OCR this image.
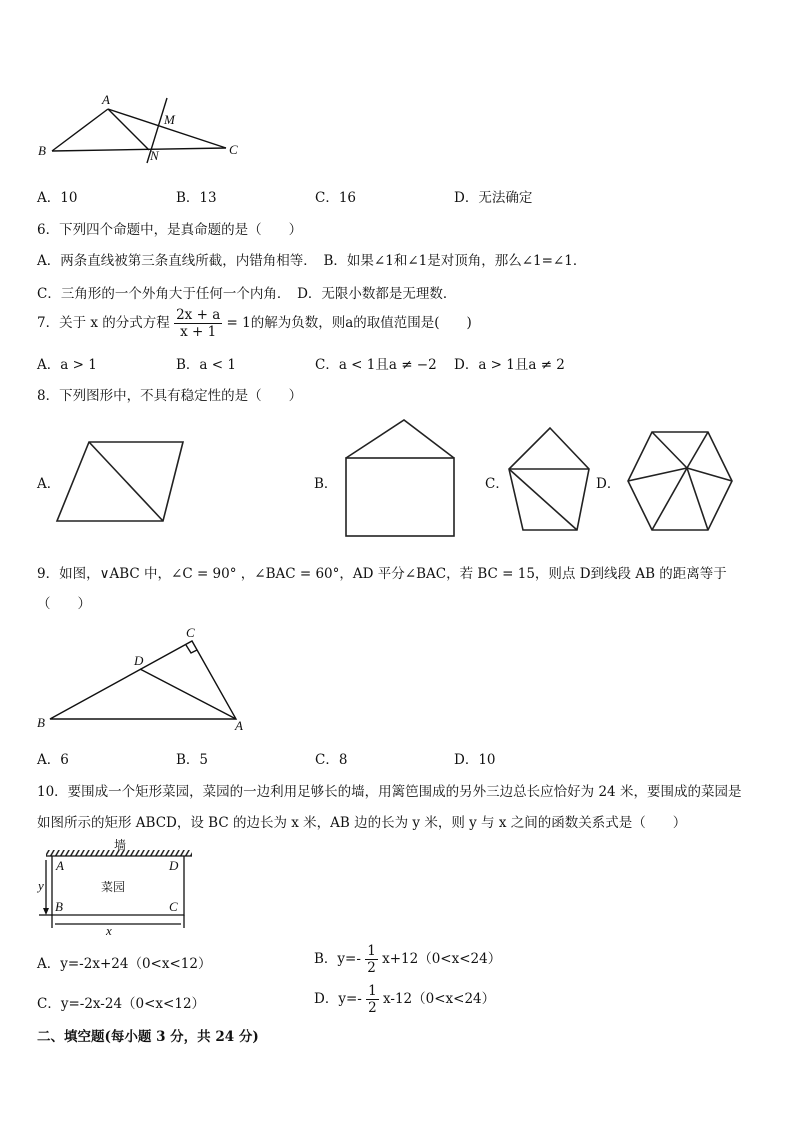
A
B	C
M
N
A．10	B．13	C．16	D．无法确定
6．下列四个命题中，是真命题的是（　　）
A．两条直线被第三条直线所截，内错角相等．　B．如果∠1和∠1是对顶角，那么∠1=∠1．
C．三角形的一个外角大于任何一个内角．　D．无限小数都是无理数．
7．关于 x 的分式方程 $\frac{2x + a}{x + 1} = 1$的解为负数，则a的取值范围是(　　)
A．a > 1	B．a < 1	C．a < 1且a ≠ −2 D．a > 1且a ≠ 2
8．下列图形中，不具有稳定性的是（　　）
A．	B．	C．	D．
9．如图，∨ABC 中，∠C = 90° ，∠BAC = 60°，AD 平分∠BAC，若 BC = 15，则点 D到线段 AB 的距离等于
（　　）
C
D
B	A
A．6	B．5	C．8	D．10
10．要围成一个矩形菜园，菜园的一边利用足够长的墙，用篱笆围成的另外三边总长应恰好为 24 米，要围成的菜园是
如图所示的矩形 ABCD，设 BC 的边长为 x 米，AB 边的长为 y 米，则 y 与 x 之间的函数关系式是（　　）
墙
菜园
A	D
B	C
y
x
A．y=-2x+24（0<x<12）	B．$y=- \frac{1}{2} x+12(0<x<24)$
C．y=-2x-24（0<x<12）	D．$y=- \frac{1}{2} x-12(0<x<24)$
二、填空题(每小题 3 分，共 24 分)
